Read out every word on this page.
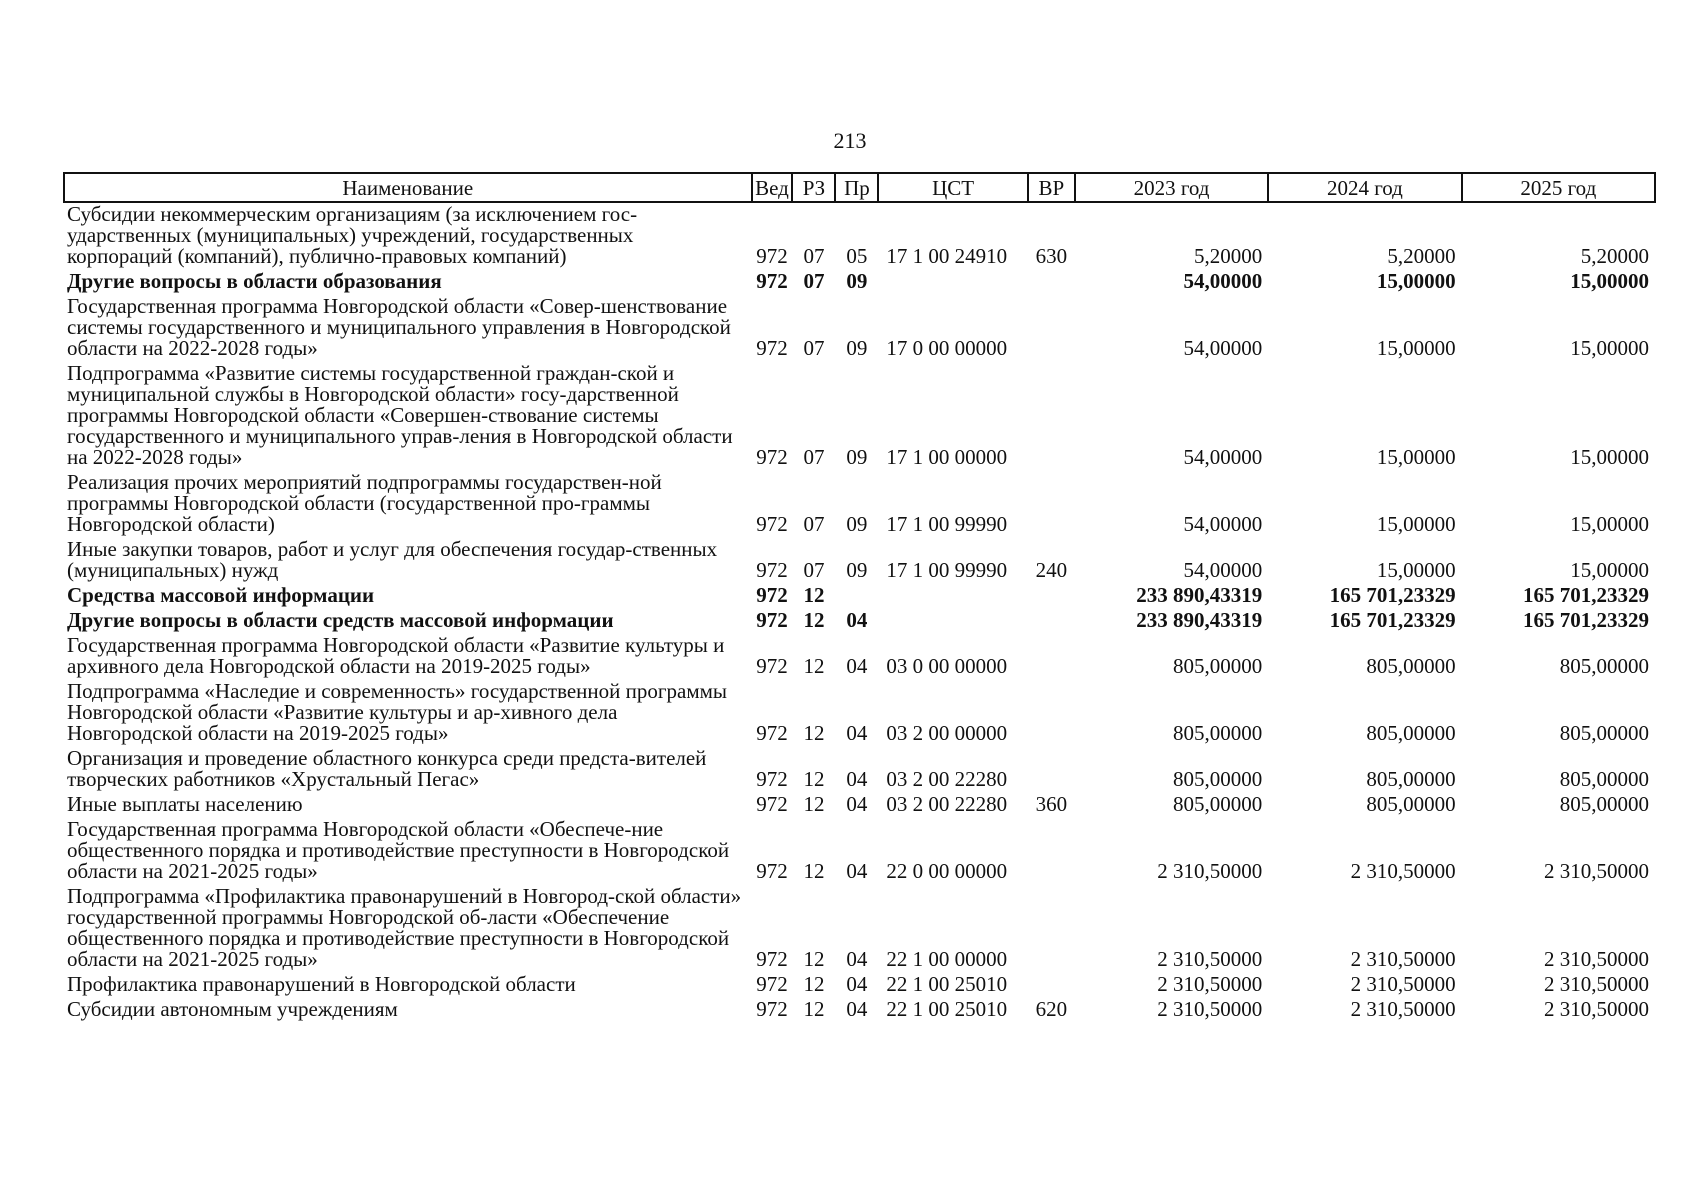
213
Наименование	Вед	РЗ	Пр	ЦСТ	ВР	2023 год	2024 год	2025 год
Субсидии некоммерческим организациям (за исключением гос-ударственных (муниципальных) учреждений, государственных корпораций (компаний), публично-правовых компаний)	972	07	05	17 1 00 24910	630	5,20000	5,20000	5,20000
Другие вопросы в области образования	972	07	09			54,00000	15,00000	15,00000
Государственная программа Новгородской области «Совер-шенствование системы государственного и муниципального управления в Новгородской области на 2022-2028 годы»	972	07	09	17 0 00 00000		54,00000	15,00000	15,00000
Подпрограмма «Развитие системы государственной граждан-ской и муниципальной службы в Новгородской области» госу-дарственной программы Новгородской области «Совершен-ствование системы государственного и муниципального управ-ления в Новгородской области на 2022-2028 годы»	972	07	09	17 1 00 00000		54,00000	15,00000	15,00000
Реализация прочих мероприятий подпрограммы государствен-ной программы Новгородской области (государственной про-граммы Новгородской области)	972	07	09	17 1 00 99990		54,00000	15,00000	15,00000
Иные закупки товаров, работ и услуг для обеспечения государ-ственных (муниципальных) нужд	972	07	09	17 1 00 99990	240	54,00000	15,00000	15,00000
Средства массовой информации	972	12				233 890,43319	165 701,23329	165 701,23329
Другие вопросы в области средств массовой информации	972	12	04			233 890,43319	165 701,23329	165 701,23329
Государственная программа Новгородской области «Развитие культуры и архивного дела Новгородской области на 2019-2025 годы»	972	12	04	03 0 00 00000		805,00000	805,00000	805,00000
Подпрограмма «Наследие и современность» государственной программы Новгородской области «Развитие культуры и ар-хивного дела Новгородской области на 2019-2025 годы»	972	12	04	03 2 00 00000		805,00000	805,00000	805,00000
Организация и проведение областного конкурса среди предста-вителей творческих работников «Хрустальный Пегас»	972	12	04	03 2 00 22280		805,00000	805,00000	805,00000
Иные выплаты населению	972	12	04	03 2 00 22280	360	805,00000	805,00000	805,00000
Государственная программа Новгородской области «Обеспече-ние общественного порядка и противодействие преступности в Новгородской области на 2021-2025 годы»	972	12	04	22 0 00 00000		2 310,50000	2 310,50000	2 310,50000
Подпрограмма «Профилактика правонарушений в Новгород-ской области» государственной программы Новгородской об-ласти «Обеспечение общественного порядка и противодействие преступности в Новгородской области на 2021-2025 годы»	972	12	04	22 1 00 00000		2 310,50000	2 310,50000	2 310,50000
Профилактика правонарушений в Новгородской области	972	12	04	22 1 00 25010		2 310,50000	2 310,50000	2 310,50000
Субсидии автономным учреждениям	972	12	04	22 1 00 25010	620	2 310,50000	2 310,50000	2 310,50000
